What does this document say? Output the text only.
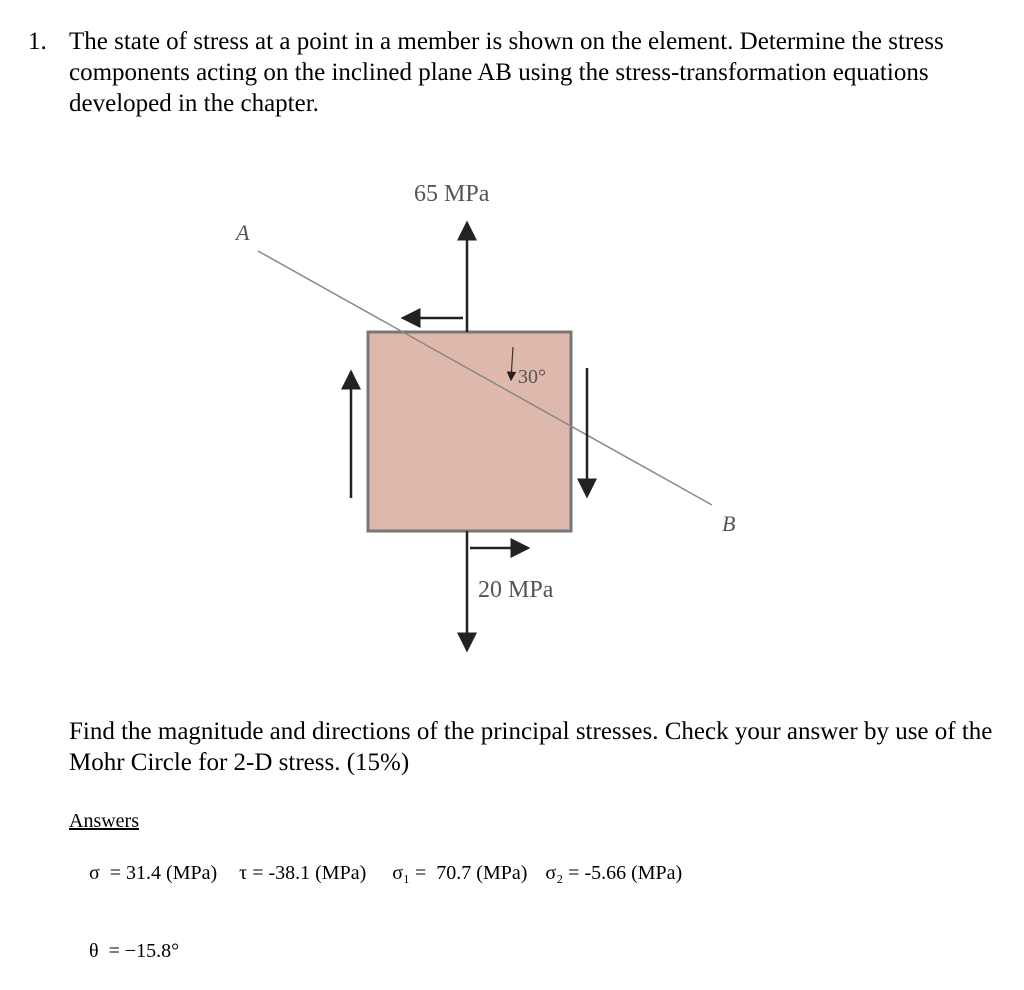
1. The state of stress at a point in a member is shown on the element. Determine the stress components acting on the inclined plane AB using the stress-transformation equations developed in the chapter.
65 MPa
20 MPa
30°
A
B
Find the magnitude and directions of the principal stresses. Check your answer by use of the Mohr Circle for 2-D stress. (15%)
Answers

σ  = 31.4 (MPa) τ = -38.1 (MPa) σ₁ =  70.7 (MPa) σ₂ = -5.66 (MPa)

θ  = −15.8°
